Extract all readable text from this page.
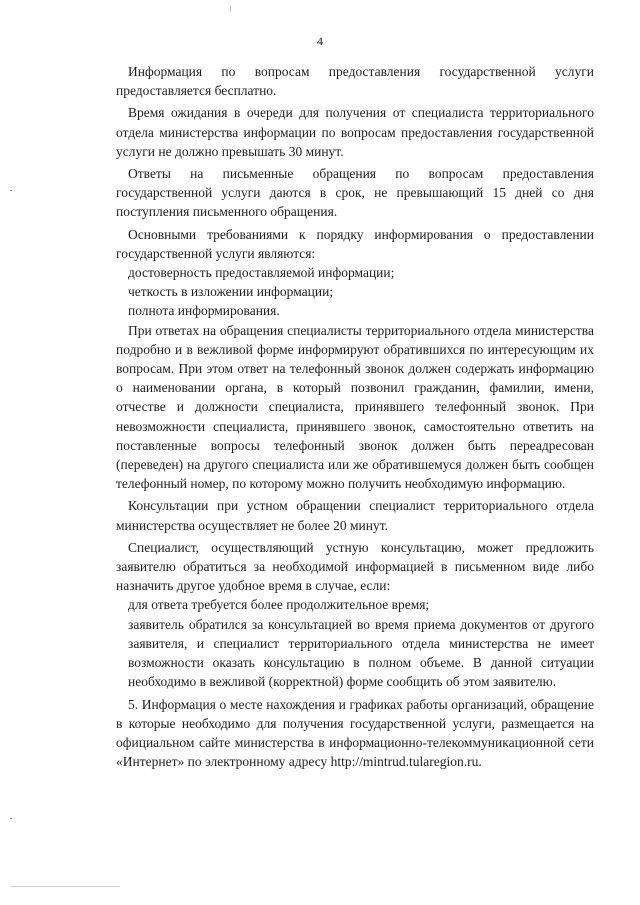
4

Информация по вопросам предоставления государственной услуги предоставляется бесплатно.

Время ожидания в очереди для получения от специалиста территориального отдела министерства информации по вопросам предоставления государственной услуги не должно превышать 30 минут.

Ответы на письменные обращения по вопросам предоставления государственной услуги даются в срок, не превышающий 15 дней со дня поступления письменного обращения.

Основными требованиями к порядку информирования о предоставлении государственной услуги являются:

достоверность предоставляемой информации;

четкость в изложении информации;

полнота информирования.

При ответах на обращения специалисты территориального отдела министерства подробно и в вежливой форме информируют обратившихся по интересующим их вопросам. При этом ответ на телефонный звонок должен содержать информацию о наименовании органа, в который позвонил гражданин, фамилии, имени, отчестве и должности специалиста, принявшего телефонный звонок. При невозможности специалиста, принявшего звонок, самостоятельно ответить на поставленные вопросы телефонный звонок должен быть переадресован (переведен) на другого специалиста или же обратившемуся должен быть сообщен телефонный номер, по которому можно получить необходимую информацию.

Консультации при устном обращении специалист территориального отдела министерства осуществляет не более 20 минут.

Специалист, осуществляющий устную консультацию, может предложить заявителю обратиться за необходимой информацией в письменном виде либо назначить другое удобное время в случае, если:

для ответа требуется более продолжительное время;

заявитель обратился за консультацией во время приема документов от другого заявителя, и специалист территориального отдела министерства не имеет возможности оказать консультацию в полном объеме. В данной ситуации необходимо в вежливой (корректной) форме сообщить об этом заявителю.

5. Информация о месте нахождения и графиках работы организаций, обращение в которые необходимо для получения государственной услуги, размещается на официальном сайте министерства в информационно-телекоммуникационной сети «Интернет» по электронному адресу http://mintrud.tularegion.ru.
